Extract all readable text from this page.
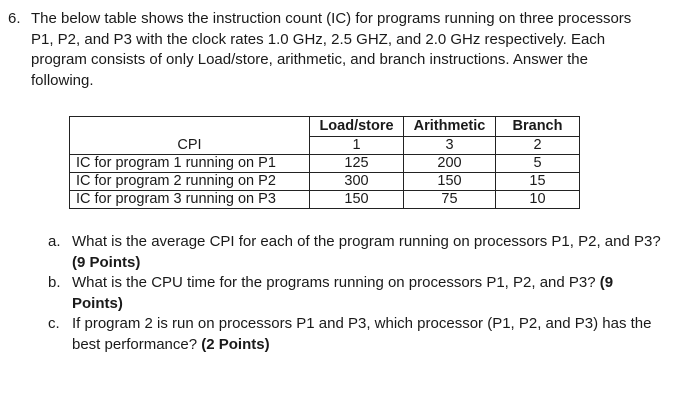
6. The below table shows the instruction count (IC) for programs running on three processors P1, P2, and P3 with the clock rates 1.0 GHz, 2.5 GHZ, and 2.0 GHz respectively. Each program consists of only Load/store, arithmetic, and branch instructions. Answer the following.
	Load/store	Arithmetic	Branch
CPI	1	3	2
IC for program 1 running on P1	125	200	5
IC for program 2 running on P2	300	150	15
IC for program 3 running on P3	150	75	10
a. What is the average CPI for each of the program running on processors P1, P2, and P3? (9 Points)
b. What is the CPU time for the programs running on processors P1, P2, and P3? (9 Points)
c. If program 2 is run on processors P1 and P3, which processor (P1, P2, and P3) has the best performance? (2 Points)
